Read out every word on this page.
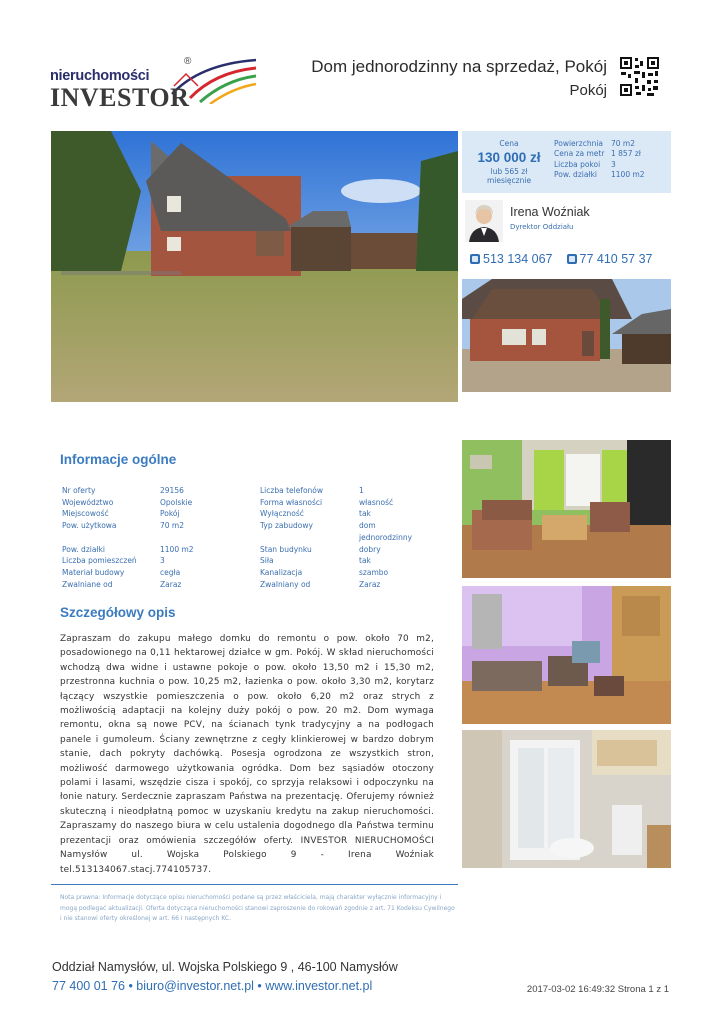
®
nieruchomości
INVESTOR
Dom jednorodzinny na sprzedaż, Pokój
Pokój
Cena
130 000 zł
lub 565 zł miesięcznie
Powierzchnia	70 m2
Cena za metr 1 857 zł
Liczba pokoi	3
Pow. działki	1100 m2
Irena Woźniak
Dyrektor Oddziału
513 134 067 77 410 57 37
Informacje ogólne
Nr oferty	29156	Liczba telefonów	1
Województwo	Opolskie	Forma własności	własność
Miejscowość	Pokój	Wyłączność	tak
Pow. użytkowa	70 m2	Typ zabudowy	dom jednorodzinny
Pow. działki	1100 m2	Stan budynku	dobry
Liczba pomieszczeń	3	Siła	tak
Materiał budowy	cegła	Kanalizacja	szambo
Zwalniane od	Zaraz	Zwalniany od	Zaraz
Szczegółowy opis
Zapraszam do zakupu małego domku do remontu o pow. około 70 m2, posadowionego na 0,11 hektarowej działce w gm. Pokój. W skład nieruchomości wchodzą dwa widne i ustawne pokoje o pow. około 13,50 m2 i 15,30 m2, przestronna kuchnia o pow. 10,25 m2, łazienka o pow. około 3,30 m2, korytarz łączący wszystkie pomieszczenia o pow. około 6,20 m2 oraz strych z możliwością adaptacji na kolejny duży pokój o pow. 20 m2. Dom wymaga remontu, okna są nowe PCV, na ścianach tynk tradycyjny a na podłogach panele i gumoleum. Ściany zewnętrzne z cegły klinkierowej w bardzo dobrym stanie, dach pokryty dachówką. Posesja ogrodzona ze wszystkich stron, możliwość darmowego użytkowania ogródka. Dom bez sąsiadów otoczony polami i lasami, wszędzie cisza i spokój, co sprzyja relaksowi i odpoczynku na łonie natury. Serdecznie zapraszam Państwa na prezentację. Oferujemy również skuteczną i nieodpłatną pomoc w uzyskaniu kredytu na zakup nieruchomości. Zapraszamy do naszego biura w celu ustalenia dogodnego dla Państwa terminu prezentacji oraz omówienia szczegółów oferty. INVESTOR NIERUCHOMOŚCI Namysłów ul. Wojska Polskiego 9 - Irena Woźniak tel.513134067.stacj.774105737.
Nota prawna: Informacje dotyczące opisu nieruchomości podane są przez właściciela, mają charakter wyłącznie informacyjny i mogą podlegać aktualizacji. Oferta dotycząca nieruchomości stanowi zaproszenie do rokowań zgodnie z art. 71 Kodeksu Cywilnego i nie stanowi oferty określonej w art. 66 i następnych KC.
Oddział Namysłów, ul. Wojska Polskiego 9 , 46-100 Namysłów
77 400 01 76 • biuro@investor.net.pl • www.investor.net.pl	2017-03-02 16:49:32 Strona 1 z 1
